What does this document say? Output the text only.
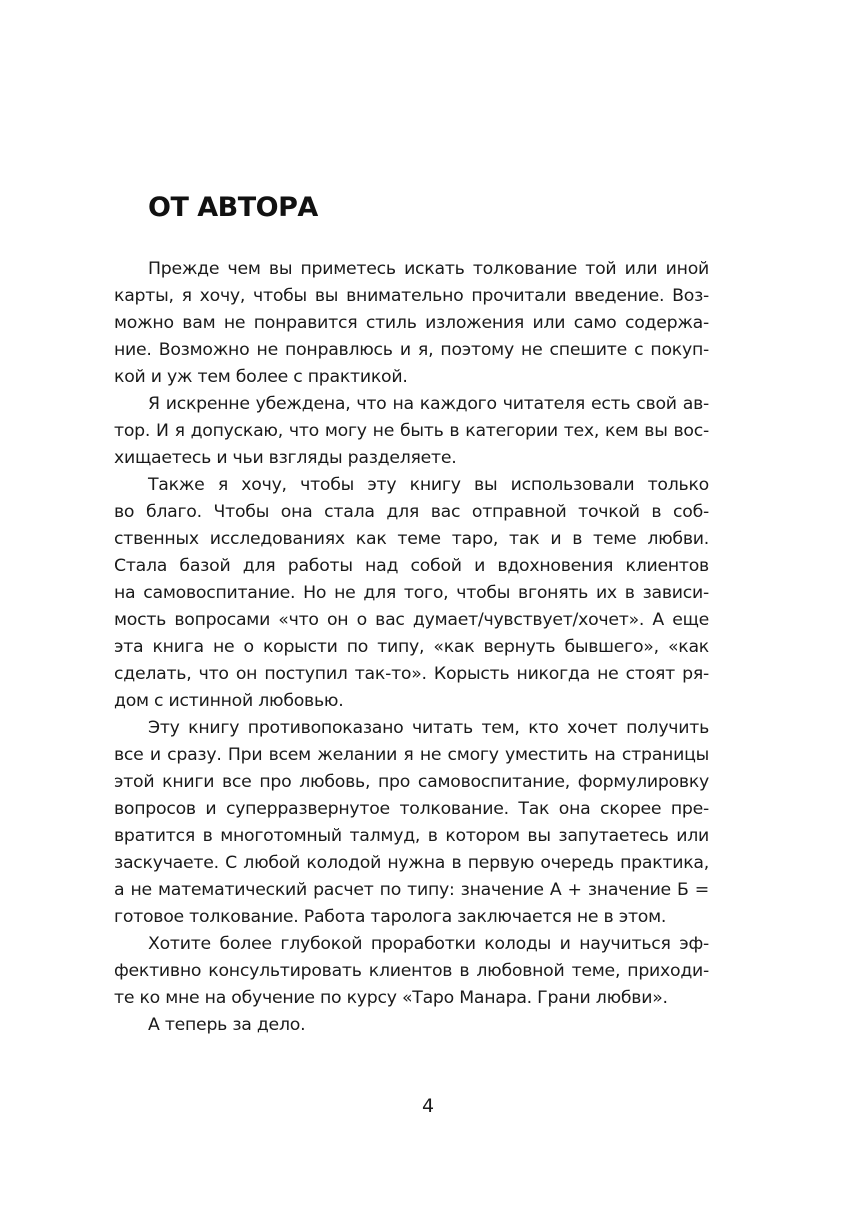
ОТ АВТОРА
Прежде чем вы приметесь искать толкование той или иной
карты, я хочу, чтобы вы внимательно прочитали введение. Воз-
можно вам не понравится стиль изложения или само содержа-
ние. Возможно не понравлюсь и я, поэтому не спешите с покуп-
кой и уж тем более с практикой.
Я искренне убеждена, что на каждого читателя есть свой ав-
тор. И я допускаю, что могу не быть в категории тех, кем вы вос-
хищаетесь и чьи взгляды разделяете.
Также я хочу, чтобы эту книгу вы использовали только
во благо. Чтобы она стала для вас отправной точкой в соб-
ственных исследованиях как теме таро, так и в теме любви.
Стала базой для работы над собой и вдохновения клиентов
на самовоспитание. Но не для того, чтобы вгонять их в зависи-
мость вопросами «что он о вас думает/чувствует/хочет». А еще
эта книга не о корысти по типу, «как вернуть бывшего», «как
сделать, что он поступил так-то». Корысть никогда не стоят ря-
дом с истинной любовью.
Эту книгу противопоказано читать тем, кто хочет получить
все и сразу. При всем желании я не смогу уместить на страницы
этой книги все про любовь, про самовоспитание, формулировку
вопросов и суперразвернутое толкование. Так она скорее пре-
вратится в многотомный талмуд, в котором вы запутаетесь или
заскучаете. С любой колодой нужна в первую очередь практика,
а не математический расчет по типу: значение А + значение Б =
готовое толкование. Работа таролога заключается не в этом.
Хотите более глубокой проработки колоды и научиться эф-
фективно консультировать клиентов в любовной теме, приходи-
те ко мне на обучение по курсу «Таро Манара. Грани любви».
А теперь за дело.
4
